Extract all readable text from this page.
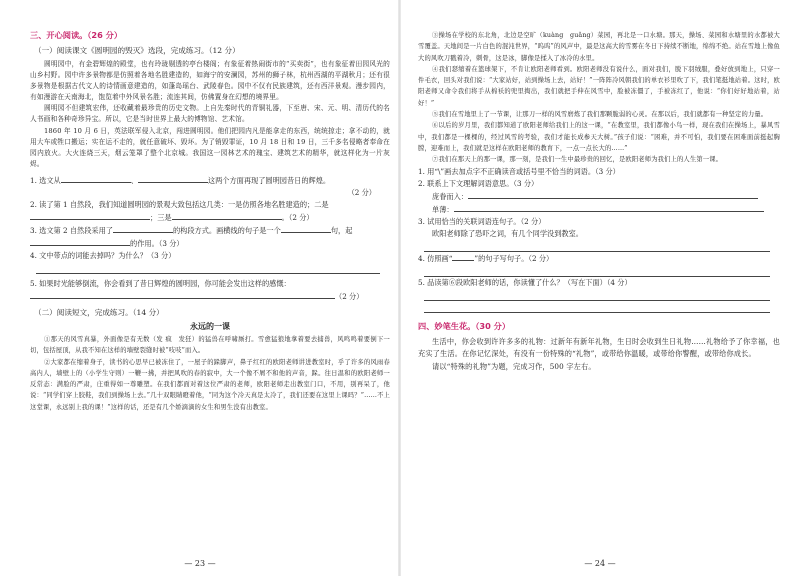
三、开心阅读。（26 分）
（一）阅读课文《圆明园的毁灭》选段，完成练习。（12 分）

圆明园中，有金碧辉煌的殿堂，也有玲珑剔透的亭台楼阁；有象征着热闹街市的“买卖街”，也有象征着田园风光的山乡村野。园中许多景物都是仿照着各地名胜建造的，如海宁的安澜园，苏州的狮子林，杭州西湖的平湖秋月；还有很多景物是根据古代文人的诗情画意建造的，如蓬岛瑶台、武陵春色。园中不仅有民族建筑，还有西洋景观。漫步园内，有如漫游在天南海北，饱览着中外风景名胜；流连其间，仿佛置身在幻想的境界里。

圆明园不但建筑宏伟，还收藏着最珍贵的历史文物。上自先秦时代的青铜礼器，下至唐、宋、元、明、清历代的名人书画和各种奇珍异宝。所以，它是当时世界上最大的博物馆、艺术馆。

1860 年 10 月 6 日，英法联军侵入北京，闯进圆明园。他们把园内凡是能拿走的东西，统统掠走；拿不动的，就用大车或牲口搬运；实在运不走的，就任意破坏、毁坏。为了销毁罪证，10 月 18 日和 19 日，三千多名侵略者奉命在园内放火。大火连烧三天，烟云笼罩了整个北京城。我国这一园林艺术的瑰宝、建筑艺术的精华，就这样化为一片灰烬。

1. 选文从	、	这两个方面再现了圆明园昔日的辉煌。

（2 分）

2. 读了第 1 自然段，我们知道圆明园的景观大致包括这几类：一是仿照各地名胜建造的；二是

；三是	。（2 分）

3. 选文第 2 自然段采用了	的构段方式。画横线的句子是一个	句，起

的作用。（3 分）

4. 文中带点的词能去掉吗？为什么？（3 分）

5. 如果时光能够倒流，你会看到了昔日辉煌的圆明园，你可能会发出这样的感慨：

（2 分）

（二）阅读短文，完成练习。（14 分）
永远的一课

①那天的风雪真暴，外面像是有无数（发 疯　发狂）的猛兽在呼啸厮打。雪愈猛狼地拿着要去捕兽，风鸣鸣着要倒下一切，包括屋顶，从我不知在这样的墙壁裂缝时被“吱吱”而入。

②大家都在缩着身子，读书的心思早已被冻住了，一屋子的跺脚声，鼻子红红的欧阳老师讲进教室时，乎了许多的风雨春高内人，墙壁上的（小学生守则）一鞭一拂，并把风吹的春的寂中，大一个像不屑不和他的声音，跺。往日温和的欧阳老师一反常态：满脸的严肃，庄重得如一尊雕塑。在我们都面对着这位严肃的老师，欧阳老师走出教室门口，不用，别再呆了，他说：“同学们穿上胶鞋，我们到操场上去。”几十双眼睛瞪着他，“同为这个冷天真是太冷了，我们还要在这里上课吗？”……不上这堂课，永远别上我的课！”这样的话，还是有几个娇滴滴的女生和男生没有出教室。

— 23 —

③操场在学校的东北角，北边是空旷（kuàng　guǎng）菜园，再北是一口水塘。那天，操场、菜园和水塘里的水都被大雪覆盖。天地间是一片白色的混沌世界，“呜呜”的风声中，最是这高大的雪雾在冬日下持续不断地，绵绵不绝。站在雪地上像鱼大的风吹刀戳着冷，刺骨，这是冰，脚像是揉入了冰冷的水里。

④我们瑟缩着在篮球架下，不肯让欧阳老师看到。欧阳老师没有说什么，面对我们，脱下羽绒服，叠好放到地上，只穿一件毛衣，回头对我们说：“大家站好，站到操场上去，站好！”一阵阵冷风朝我们的单衣衫里吹了下，我们笔挺地站着。这时，欧阳老师又命令我们将手从棉袄的兜里掏出，我们就把手伸在风雪中，脸被冻僵了，手被冻红了，他说：“你们好好地站着，站好！”

⑤我们在雪地里上了一节课，让那刀一样的风雪磨炼了我们那颗脆弱的心灵。在那以后，我们就都有一种坚定的力量。

⑥以后的岁月里，我们都知道了欧阳老师给我们上的这一课，“在教室里，我们都像小鸟一样，现在我们在操场上，暴风雪中，我们都是一棵棵的，经过风雪的考验，我们才能长成参天大树。”孩子们说：“困难，并不可怕，我们要在困难面前挺起胸膛，迎难而上，我们就是这样在欧阳老师的教育下，一点一点长大的……”

⑦我们在那天上的那一课，那一刻，是我们一生中最珍贵的回忆，是欧阳老师为我们上的人生第一课。

1. 用“\”画去加点字不正确读音或括号里不恰当的词语。（3 分）

2. 联系上下文理解词语意思。（3 分）

庞眷而入：

单薄：

3. 试用恰当的关联词语连句子。（2 分）

欧阳老师除了恐吓之词，有几个同学没到教室。

4. 仿照画“	”的句子写句子。（2 分）

5. 品读第⑥段欧阳老师的话，你读懂了什么？（写在下面）（4 分）

四、妙笔生花。（30 分）

生活中，你会收到许许多多的礼物：过新年有新年礼物，生日时会收到生日礼物……礼物给予了你幸福，也充实了生活。在你记忆深处，有没有一份特殊的“礼物”，或带给你温暖，或带给你警醒，或带给你成长。

请以“特殊的礼物”为题，完成习作，500 字左右。

— 24 —
